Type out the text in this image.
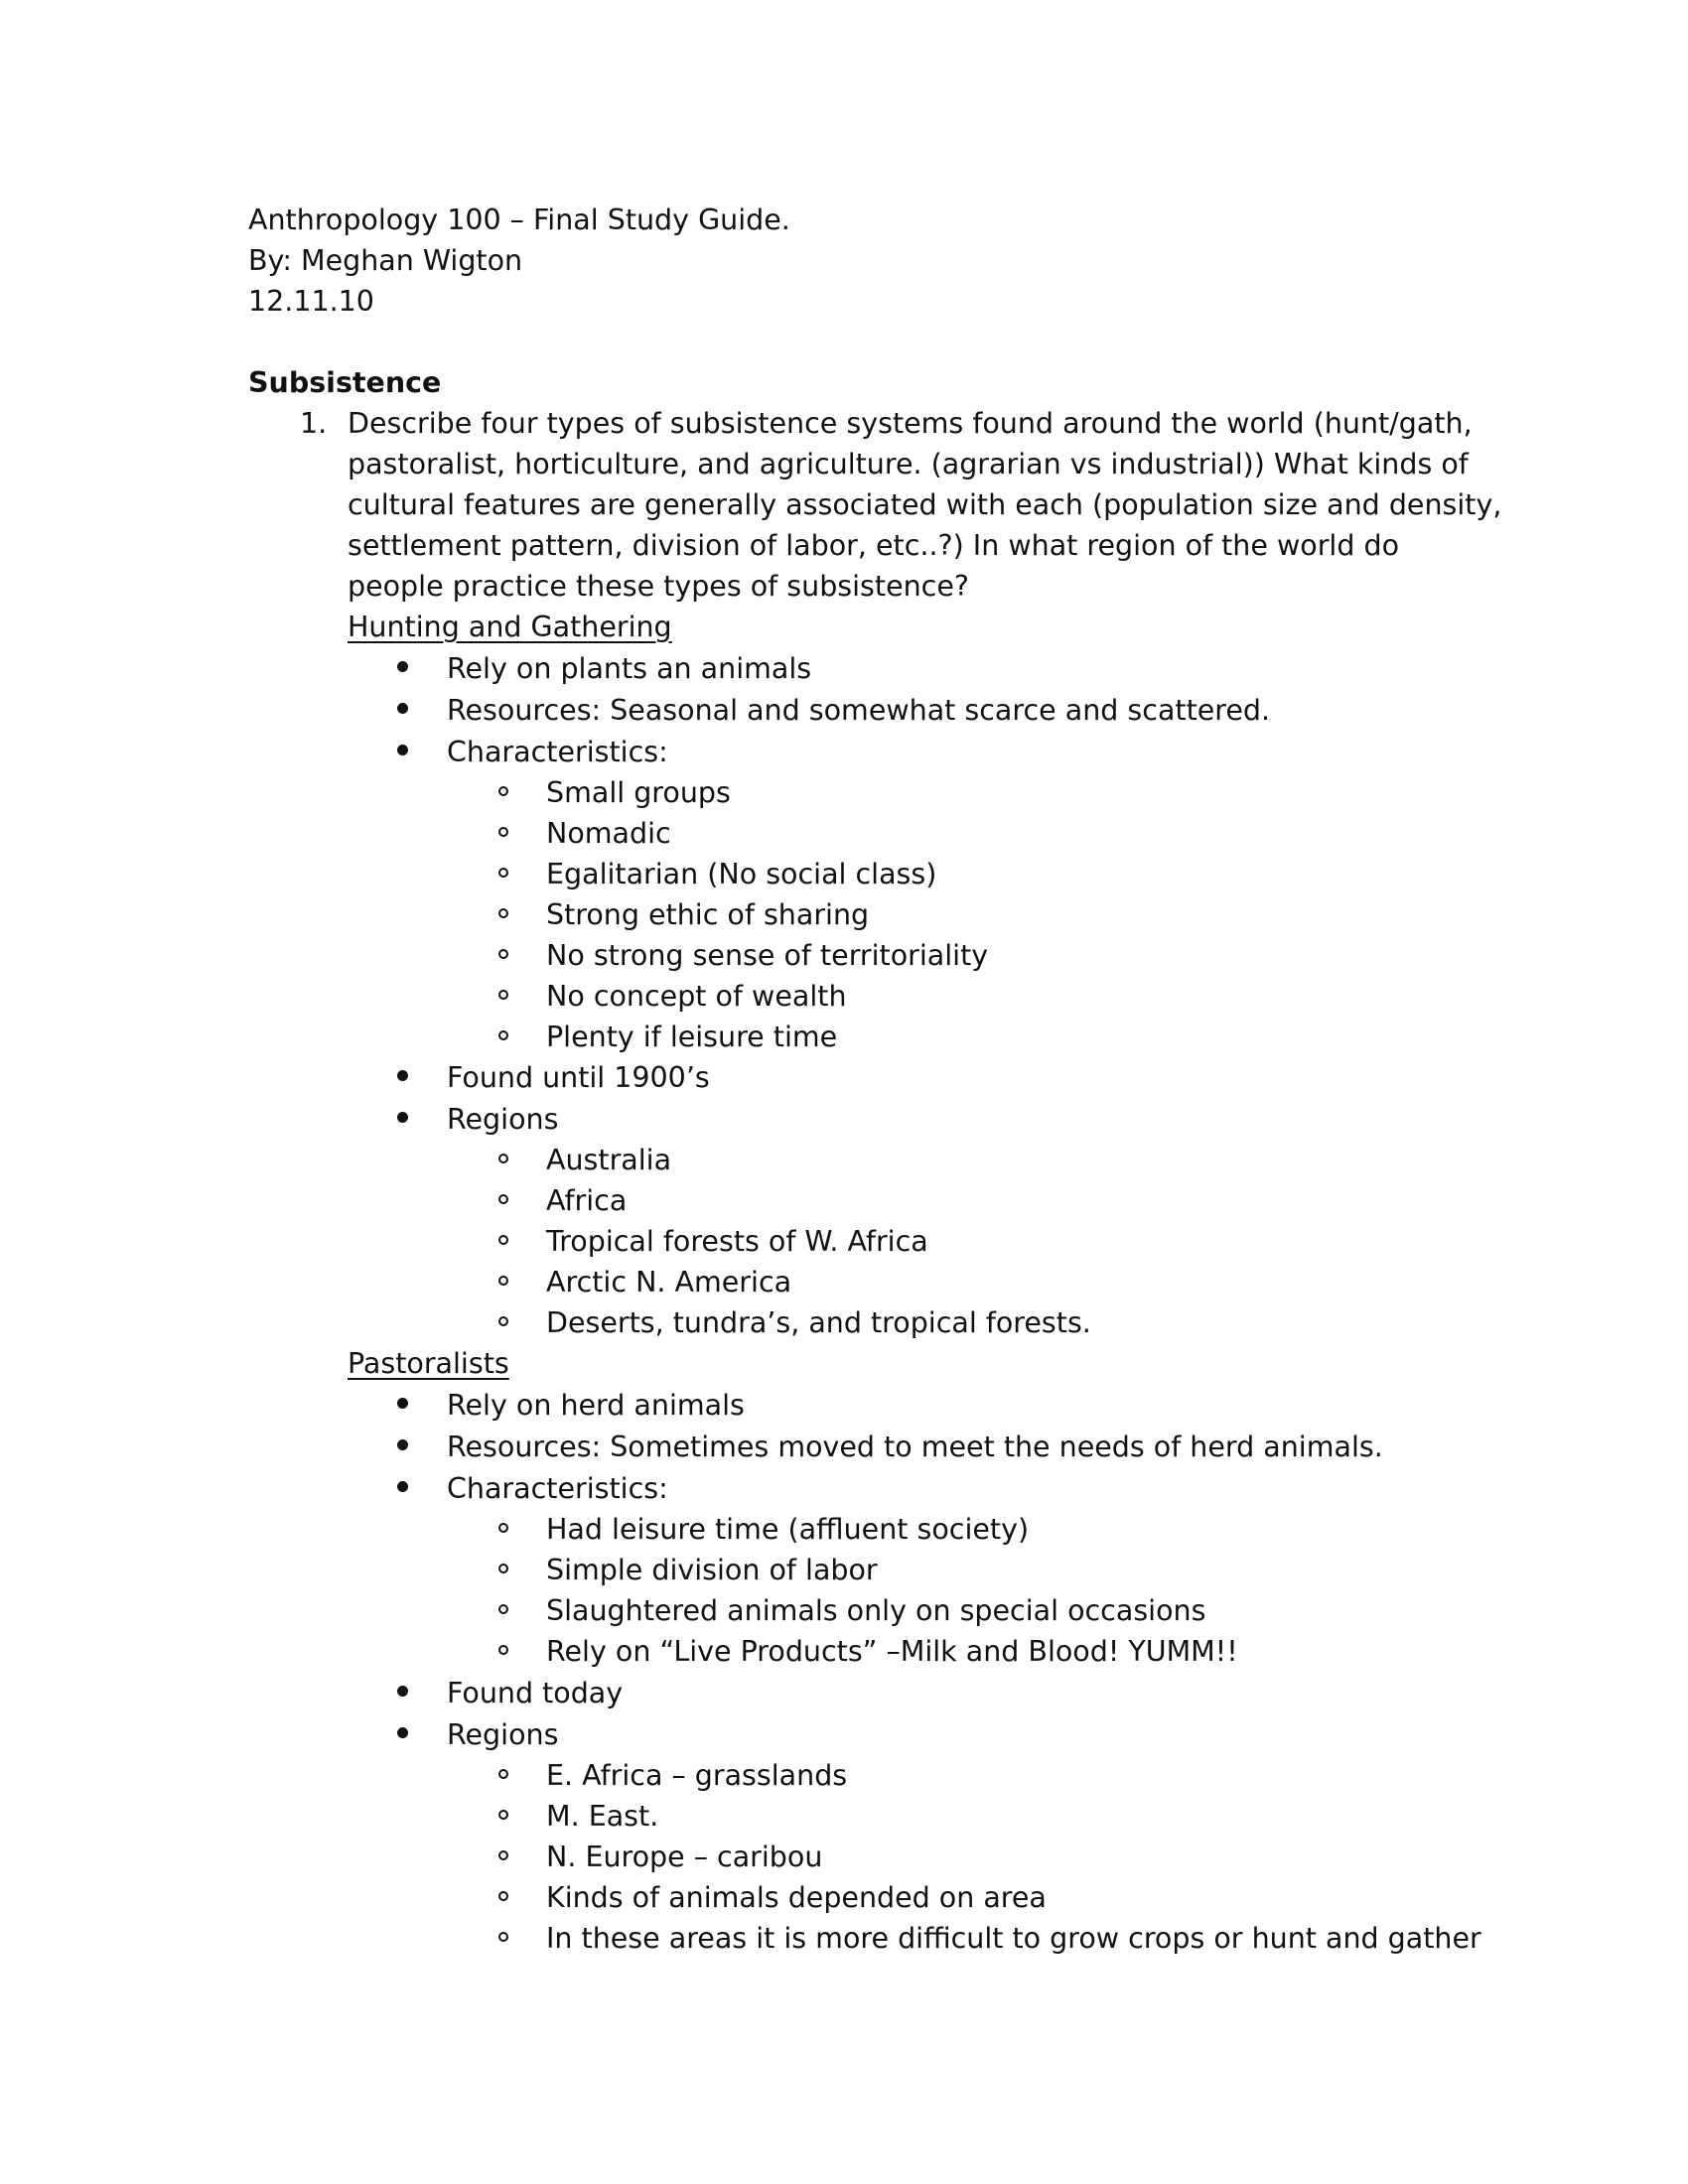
Anthropology 100 – Final Study Guide.
By: Meghan Wigton
12.11.10
Subsistence
1. Describe four types of subsistence systems found around the world (hunt/gath,
pastoralist, horticulture, and agriculture. (agrarian vs industrial)) What kinds of
cultural features are generally associated with each (population size and density,
settlement pattern, division of labor, etc..?) In what region of the world do
people practice these types of subsistence?
Hunting and Gathering
Rely on plants an animals
Resources: Seasonal and somewhat scarce and scattered.
Characteristics:
Small groups
Nomadic
Egalitarian (No social class)
Strong ethic of sharing
No strong sense of territoriality
No concept of wealth
Plenty if leisure time
Found until 1900’s
Regions
Australia
Africa
Tropical forests of W. Africa
Arctic N. America
Deserts, tundra’s, and tropical forests.
Pastoralists
Rely on herd animals
Resources: Sometimes moved to meet the needs of herd animals.
Characteristics:
Had leisure time (affluent society)
Simple division of labor
Slaughtered animals only on special occasions
Rely on “Live Products” –Milk and Blood! YUMM!!
Found today
Regions
E. Africa – grasslands
M. East.
N. Europe – caribou
Kinds of animals depended on area
In these areas it is more difficult to grow crops or hunt and gather
